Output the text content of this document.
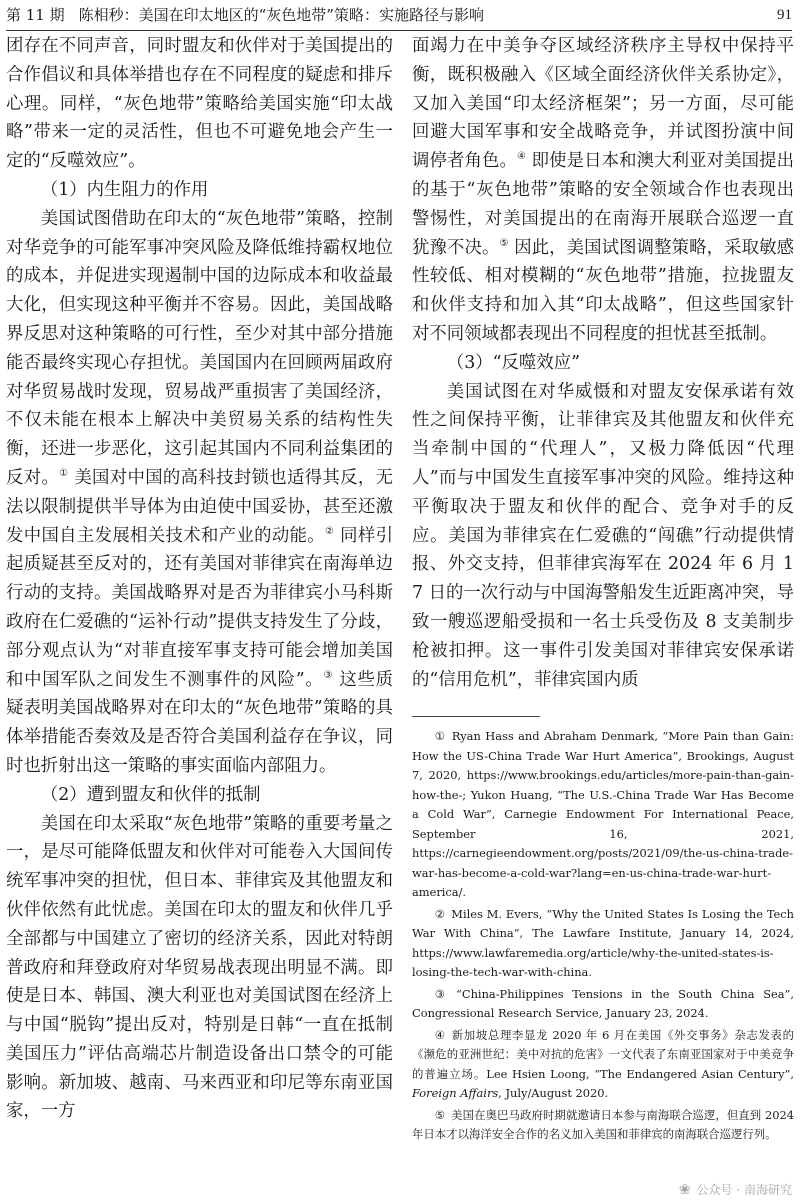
第 11 期 陈相秒：美国在印太地区的“灰色地带”策略：实施路径与影响	91

团存在不同声音，同时盟友和伙伴对于美国提出的合作倡议和具体举措也存在不同程度的疑虑和排斥心理。同样，“灰色地带”策略给美国实施“印太战略”带来一定的灵活性，但也不可避免地会产生一定的“反噬效应”。

（1）内生阻力的作用

美国试图借助在印太的“灰色地带”策略，控制对华竞争的可能军事冲突风险及降低维持霸权地位的成本，并促进实现遏制中国的边际成本和收益最大化，但实现这种平衡并不容易。因此，美国战略界反思对这种策略的可行性，至少对其中部分措施能否最终实现心存担忧。美国国内在回顾两届政府对华贸易战时发现，贸易战严重损害了美国经济，不仅未能在根本上解决中美贸易关系的结构性失衡，还进一步恶化，这引起其国内不同利益集团的反对。① 美国对中国的高科技封锁也适得其反，无法以限制提供半导体为由迫使中国妥协，甚至还激发中国自主发展相关技术和产业的动能。② 同样引起质疑甚至反对的，还有美国对菲律宾在南海单边行动的支持。美国战略界对是否为菲律宾小马科斯政府在仁爱礁的“运补行动”提供支持发生了分歧，部分观点认为“对菲直接军事支持可能会增加美国和中国军队之间发生不测事件的风险”。③ 这些质疑表明美国战略界对在印太的“灰色地带”策略的具体举措能否奏效及是否符合美国利益存在争议，同时也折射出这一策略的事实面临内部阻力。

（2）遭到盟友和伙伴的抵制

美国在印太采取“灰色地带”策略的重要考量之一，是尽可能降低盟友和伙伴对可能卷入大国间传统军事冲突的担忧，但日本、菲律宾及其他盟友和伙伴依然有此忧虑。美国在印太的盟友和伙伴几乎全部都与中国建立了密切的经济关系，因此对特朗普政府和拜登政府对华贸易战表现出明显不满。即使是日本、韩国、澳大利亚也对美国试图在经济上与中国“脱钩”提出反对，特别是日韩“一直在抵制美国压力”评估高端芯片制造设备出口禁令的可能影响。新加坡、越南、马来西亚和印尼等东南亚国家，一方

面竭力在中美争夺区域经济秩序主导权中保持平衡，既积极融入《区域全面经济伙伴关系协定》，又加入美国“印太经济框架”；另一方面，尽可能回避大国军事和安全战略竞争，并试图扮演中间调停者角色。④ 即使是日本和澳大利亚对美国提出的基于“灰色地带”策略的安全领域合作也表现出警惕性，对美国提出的在南海开展联合巡逻一直犹豫不决。⑤ 因此，美国试图调整策略，采取敏感性较低、相对模糊的“灰色地带”措施，拉拢盟友和伙伴支持和加入其“印太战略”，但这些国家针对不同领域都表现出不同程度的担忧甚至抵制。

（3）“反噬效应”

美国试图在对华威慑和对盟友安保承诺有效性之间保持平衡，让菲律宾及其他盟友和伙伴充当牵制中国的“代理人”，又极力降低因“代理人”而与中国发生直接军事冲突的风险。维持这种平衡取决于盟友和伙伴的配合、竞争对手的反应。美国为菲律宾在仁爱礁的“闯礁”行动提供情报、外交支持，但菲律宾海军在 2024 年 6 月 17 日的一次行动与中国海警船发生近距离冲突，导致一艘巡逻船受损和一名士兵受伤及 8 支美制步枪被扣押。这一事件引发美国对菲律宾安保承诺的“信用危机”，菲律宾国内质

① Ryan Hass and Abraham Denmark, “More Pain than Gain: How the US-China Trade War Hurt America”, Brookings, August 7, 2020, https://www.brookings.edu/articles/more-pain-than-gain-how-the-; Yukon Huang, “The U.S.-China Trade War Has Become a Cold War”, Carnegie Endowment For International Peace, September 16, 2021, https://carnegieendowment.org/posts/2021/09/the-us-china-trade-war-has-become-a-cold-war?lang=en-us-china-trade-war-hurt-america/.

② Miles M. Evers, “Why the United States Is Losing the Tech War With China”, The Lawfare Institute, January 14, 2024, https://www.lawfaremedia.org/article/why-the-united-states-is-losing-the-tech-war-with-china.

③ “China-Philippines Tensions in the South China Sea”, Congressional Research Service, January 23, 2024.

④ 新加坡总理李显龙 2020 年 6 月在美国《外交事务》杂志发表的《濒危的亚洲世纪：美中对抗的危害》一文代表了东南亚国家对于中美竞争的普遍立场。Lee Hsien Loong, “The Endangered Asian Century”, Foreign Affairs, July/August 2020.

⑤ 美国在奥巴马政府时期就邀请日本参与南海联合巡逻，但直到 2024 年日本才以海洋安全合作的名义加入美国和菲律宾的南海联合巡逻行列。

❀ 公众号 · 南海研究
